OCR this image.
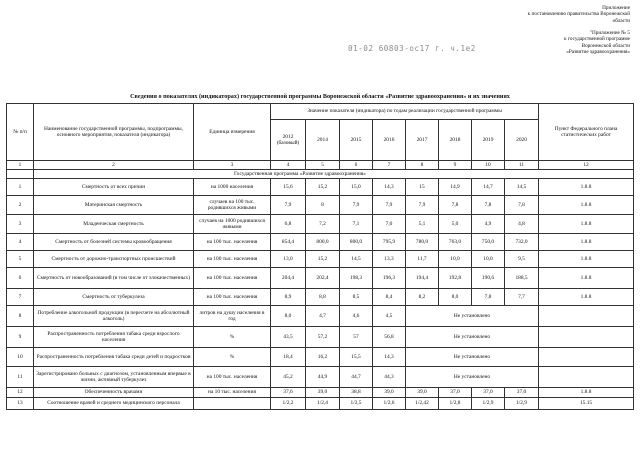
Приложение
к постановлению правительства Воронежской
области
"Приложение № 5
к государственной программе
Воронежской области
«Развитие здравоохранения»
01-02 60803-ос17 г. ч.1е2
Сведения о показателях (индикаторах) государственной программы Воронежской области «Развитие здравоохранения» и их значениях
№ п/п	Наименование государственной программы, подпрограммы, основного мероприятия, показателя (индикатора)	Единица измерения	Значение показателя (индикатора) по годам реализации государственной программы								Пункт Федерального плана статистических работ
			2012 (базовый)	2014	2015	2016	2017	2018	2019	2020	
1	2	3	4	5	6	7	8	9	10	11	12
	Государственная программа «Развитие здравоохранения»										
1	Смертность от всех причин	на 1000 населения	15,6	15,2	15,0	14,3	15	14,9	14,7	14,5	1.8.8
2	Материнская смертность	случаев на 100 тыс. родившихся живыми	7,9	8	7,9	7,9	7,9	7,8	7,8	7,8	1.8.8
3	Младенческая смертность	случаев на 1000 родившихся живыми	6,8	7,2	7,1	7,0	5,1	5,0	4,9	4,8	1.8.8
4	Смертность от болезней системы кровообращения	на 100 тыс. населения	854,4	800,0	800,0	795,9	780,0	763,0	750,0	732,0	1.8.8
5	Смертность от дорожно-транспортных происшествий	на 100 тыс. населения	13,0	15,2	14,5	13,3	11,7	10,0	10,0	9,5	1.8.8
6	Смертность от новообразований (в том числе от злокачественных)	на 100 тыс. населения	204,4	202,4	198,3	196,3	194,4	192,8	190,6	188,5	1.8.8
7	Смертность от туберкулеза	на 100 тыс. населения	8,9	8,8	8,5	8,4	8,2	8,0	7,8	7,7	1.8.8
8	Потребление алкогольной продукции (в пересчете на абсолютный алкоголь)	литров на душу населения в год	8,0	4,7	4,6	4,5	Не установлено				
9	Распространенность потребления табака среди взрослого населения	%	43,5	57,2	57	56,8	Не установлено				
10	Распространенность потребления табака среди детей и подростков	%	18,4	16,2	15,5	14,3	Не установлено				
11	Зарегистрировано больных с диагнозом, установленным впервые в жизни, активный туберкулез	на 100 тыс. населения	45,2	44,9	44,7	44,3	Не установлено				
12	Обеспеченность врачами	на 10 тыс. населения	37,6	39,0	38,8	39,0	39,0	37,0	37,0	37,0	1.8.8
13	Соотношение врачей и среднего медицинского персонала		1/2,2	1/2,4	1/2,5	1/2,6	1/2,42	1/2,8	1/2,9	1/2,9	15.15
